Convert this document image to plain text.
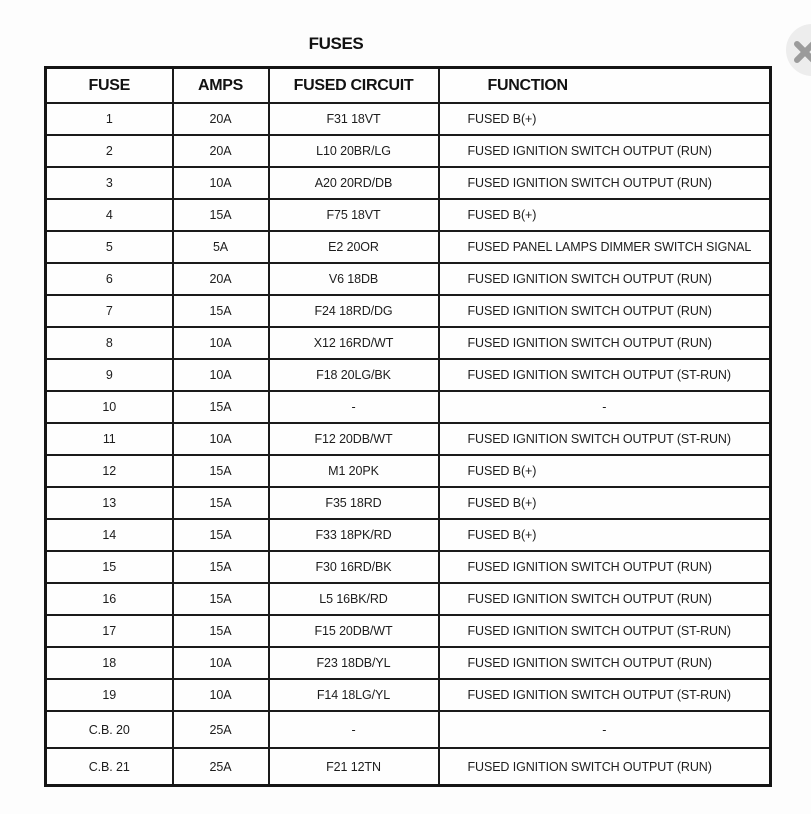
FUSES
FUSE	AMPS	FUSED CIRCUIT	FUNCTION
1	20A	F31 18VT	FUSED B(+)
2	20A	L10 20BR/LG	FUSED IGNITION SWITCH OUTPUT (RUN)
3	10A	A20 20RD/DB	FUSED IGNITION SWITCH OUTPUT (RUN)
4	15A	F75 18VT	FUSED B(+)
5	5A	E2 20OR	FUSED PANEL LAMPS DIMMER SWITCH SIGNAL
6	20A	V6 18DB	FUSED IGNITION SWITCH OUTPUT (RUN)
7	15A	F24 18RD/DG	FUSED IGNITION SWITCH OUTPUT (RUN)
8	10A	X12 16RD/WT	FUSED IGNITION SWITCH OUTPUT (RUN)
9	10A	F18 20LG/BK	FUSED IGNITION SWITCH OUTPUT (ST-RUN)
10	15A	-	-
11	10A	F12 20DB/WT	FUSED IGNITION SWITCH OUTPUT (ST-RUN)
12	15A	M1 20PK	FUSED B(+)
13	15A	F35 18RD	FUSED B(+)
14	15A	F33 18PK/RD	FUSED B(+)
15	15A	F30 16RD/BK	FUSED IGNITION SWITCH OUTPUT (RUN)
16	15A	L5 16BK/RD	FUSED IGNITION SWITCH OUTPUT (RUN)
17	15A	F15 20DB/WT	FUSED IGNITION SWITCH OUTPUT (ST-RUN)
18	10A	F23 18DB/YL	FUSED IGNITION SWITCH OUTPUT (RUN)
19	10A	F14 18LG/YL	FUSED IGNITION SWITCH OUTPUT (ST-RUN)
C.B. 20	25A	-	-
C.B. 21	25A	F21 12TN	FUSED IGNITION SWITCH OUTPUT (RUN)
